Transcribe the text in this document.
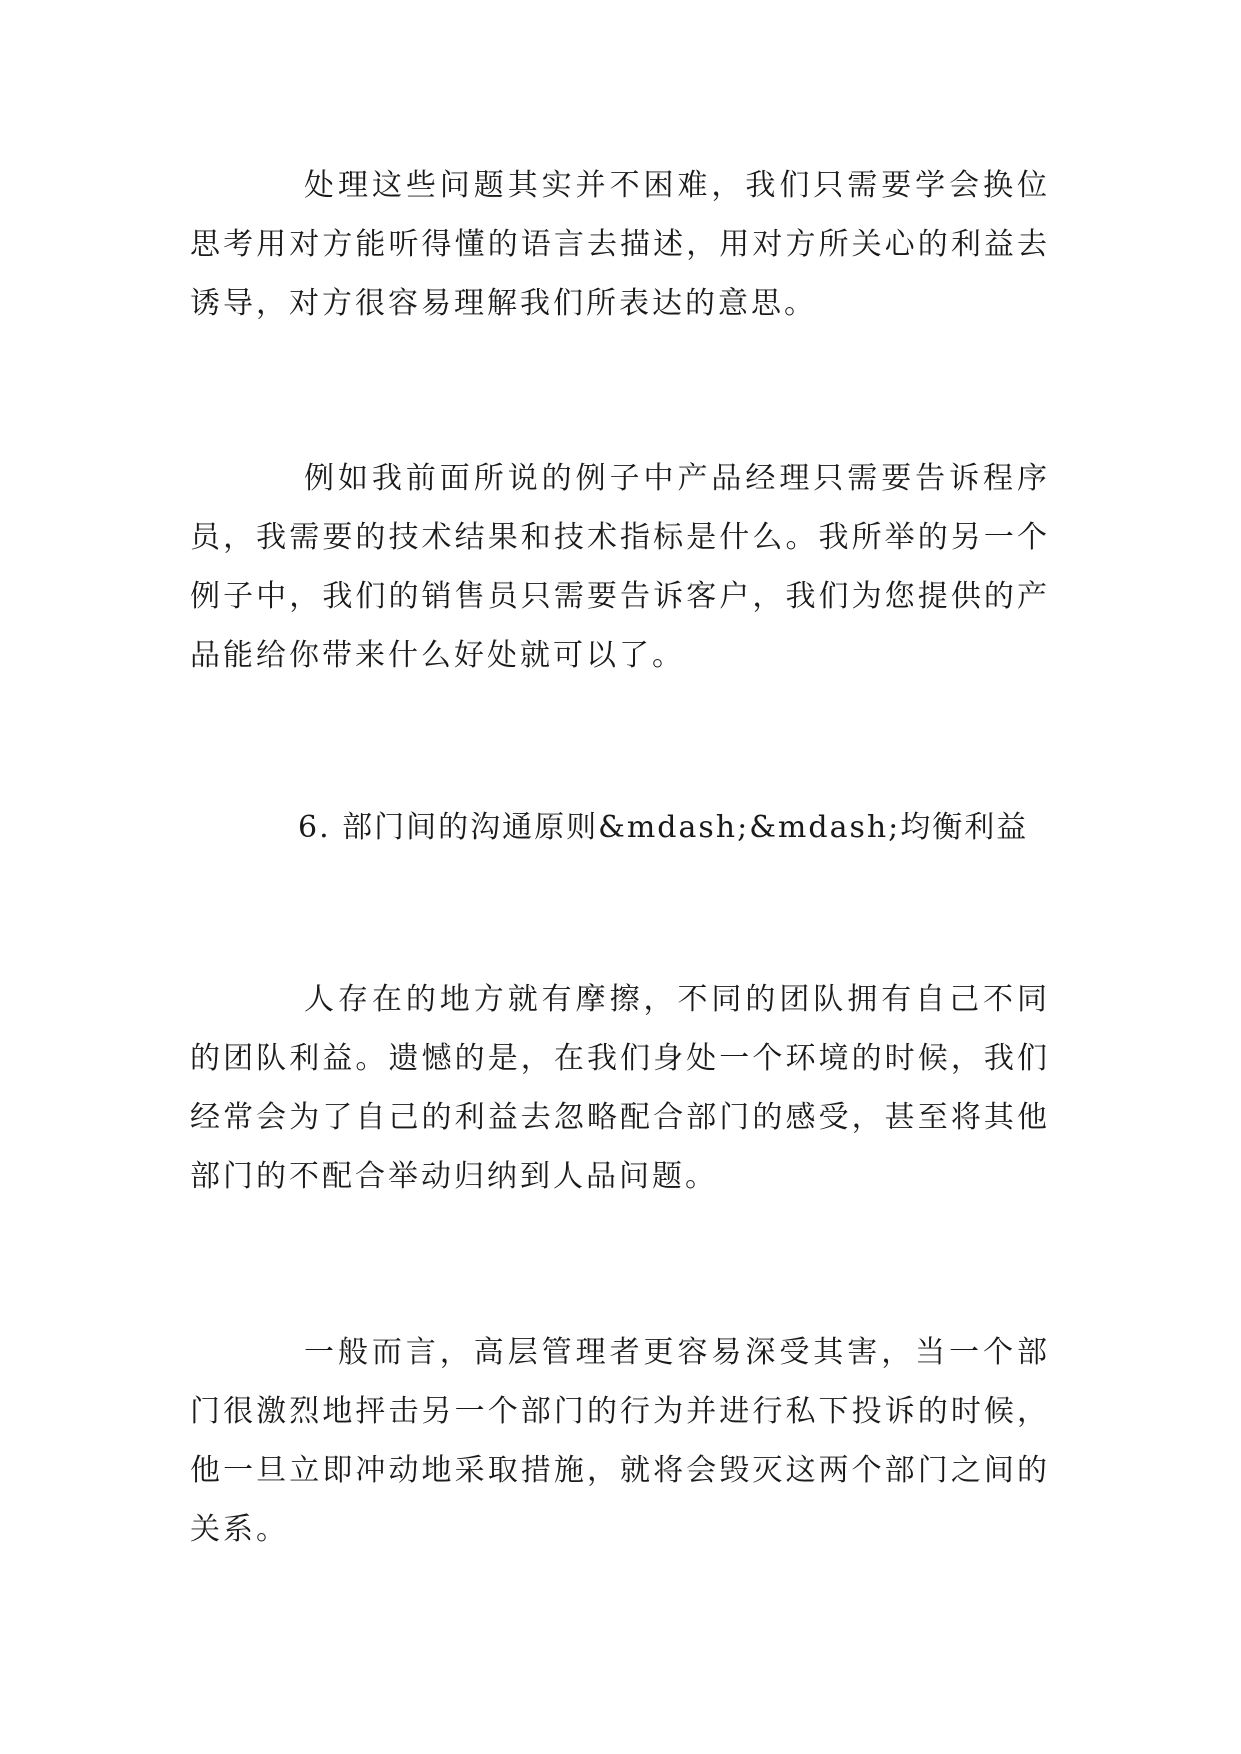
处理这些问题其实并不困难，我们只需要学会换位思考用对方能听得懂的语言去描述，用对方所关心的利益去诱导，对方很容易理解我们所表达的意思。

例如我前面所说的例子中产品经理只需要告诉程序员，我需要的技术结果和技术指标是什么。我所举的另一个例子中，我们的销售员只需要告诉客户，我们为您提供的产品能给你带来什么好处就可以了。

6. 部门间的沟通原则&mdash;&mdash;均衡利益

人存在的地方就有摩擦，不同的团队拥有自己不同的团队利益。遗憾的是，在我们身处一个环境的时候，我们经常会为了自己的利益去忽略配合部门的感受，甚至将其他部门的不配合举动归纳到人品问题。

一般而言，高层管理者更容易深受其害，当一个部门很激烈地抨击另一个部门的行为并进行私下投诉的时候，他一旦立即冲动地采取措施，就将会毁灭这两个部门之间的关系。
